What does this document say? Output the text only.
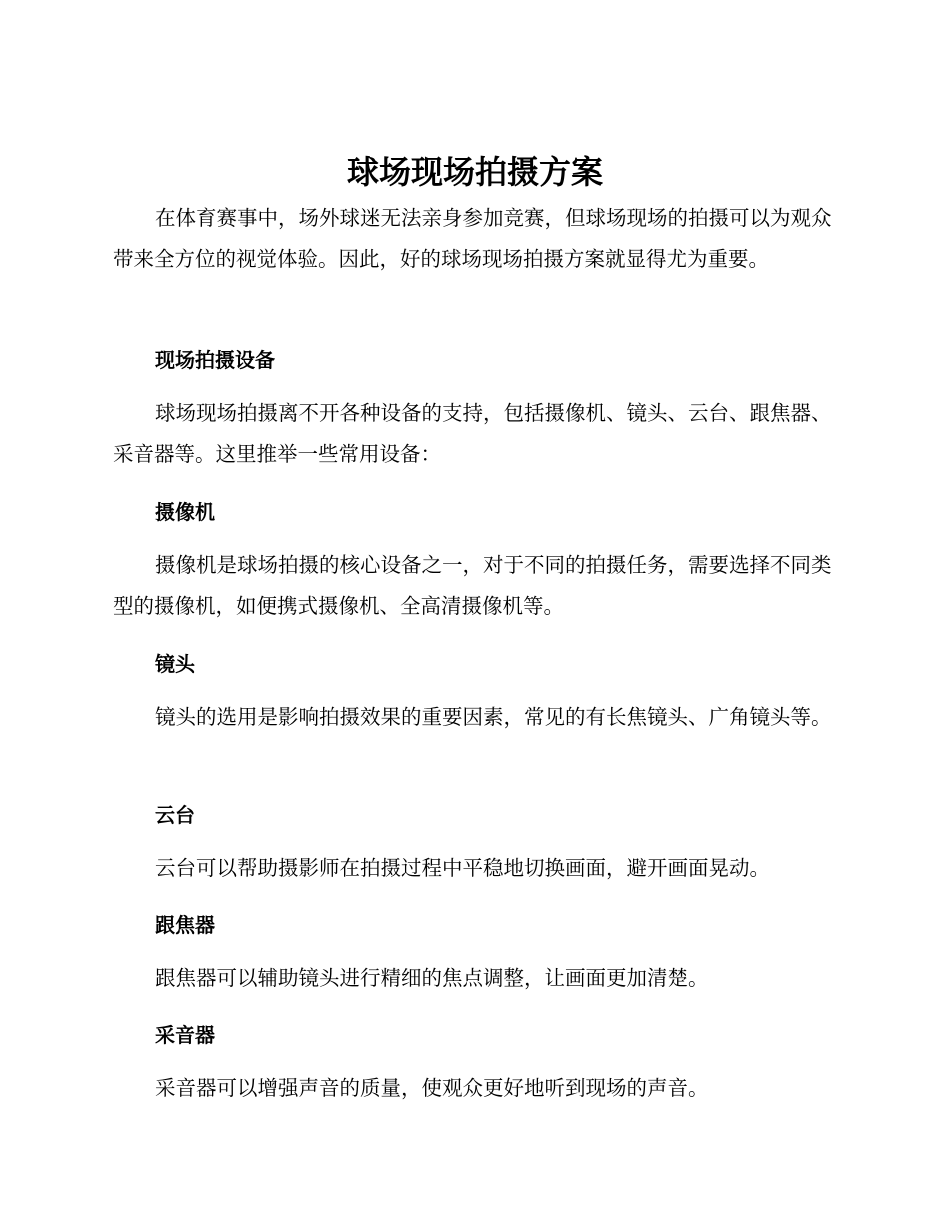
球场现场拍摄方案

在体育赛事中，场外球迷无法亲身参加竞赛，但球场现场的拍摄可以为观众带来全方位的视觉体验。因此，好的球场现场拍摄方案就显得尤为重要。

现场拍摄设备

球场现场拍摄离不开各种设备的支持，包括摄像机、镜头、云台、跟焦器、采音器等。这里推举一些常用设备：

摄像机

摄像机是球场拍摄的核心设备之一，对于不同的拍摄任务，需要选择不同类型的摄像机，如便携式摄像机、全高清摄像机等。

镜头

镜头的选用是影响拍摄效果的重要因素，常见的有长焦镜头、广角镜头等。

云台

云台可以帮助摄影师在拍摄过程中平稳地切换画面，避开画面晃动。

跟焦器

跟焦器可以辅助镜头进行精细的焦点调整，让画面更加清楚。

采音器

采音器可以增强声音的质量，使观众更好地听到现场的声音。
